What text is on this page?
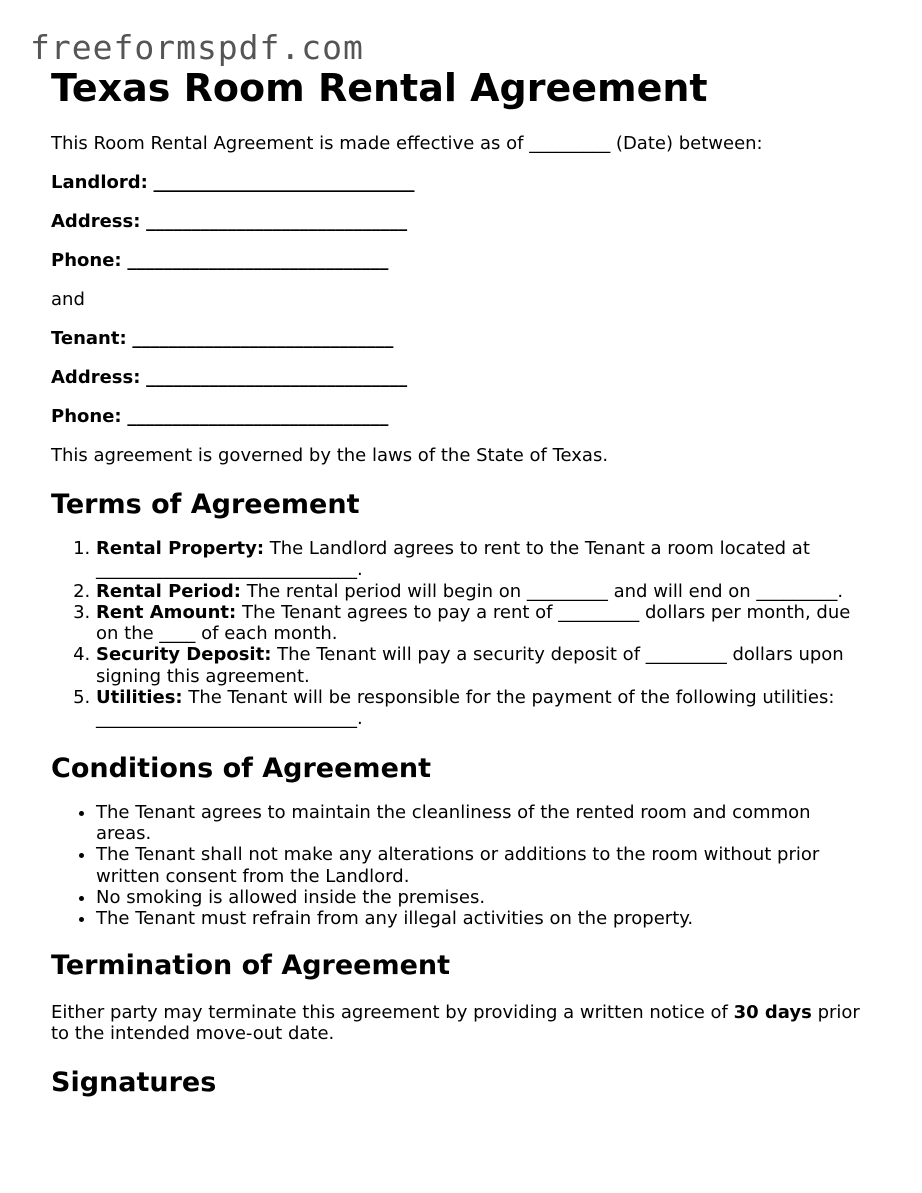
freeformspdf.com
Texas Room Rental Agreement

This Room Rental Agreement is made effective as of _________ (Date) between:

Landlord: _____________________________

Address: _____________________________

Phone: _____________________________

and

Tenant: _____________________________

Address: _____________________________

Phone: _____________________________

This agreement is governed by the laws of the State of Texas.

Terms of Agreement
1. Rental Property: The Landlord agrees to rent to the Tenant a room located at _____________________________.
2. Rental Period: The rental period will begin on _________ and will end on _________.
3. Rent Amount: The Tenant agrees to pay a rent of _________ dollars per month, due on the ____ of each month.
4. Security Deposit: The Tenant will pay a security deposit of _________ dollars upon signing this agreement.
5. Utilities: The Tenant will be responsible for the payment of the following utilities: _____________________________.
Conditions of Agreement
• The Tenant agrees to maintain the cleanliness of the rented room and common areas.
• The Tenant shall not make any alterations or additions to the room without prior written consent from the Landlord.
• No smoking is allowed inside the premises.
• The Tenant must refrain from any illegal activities on the property.
Termination of Agreement

Either party may terminate this agreement by providing a written notice of 30 days prior to the intended move-out date.

Signatures
